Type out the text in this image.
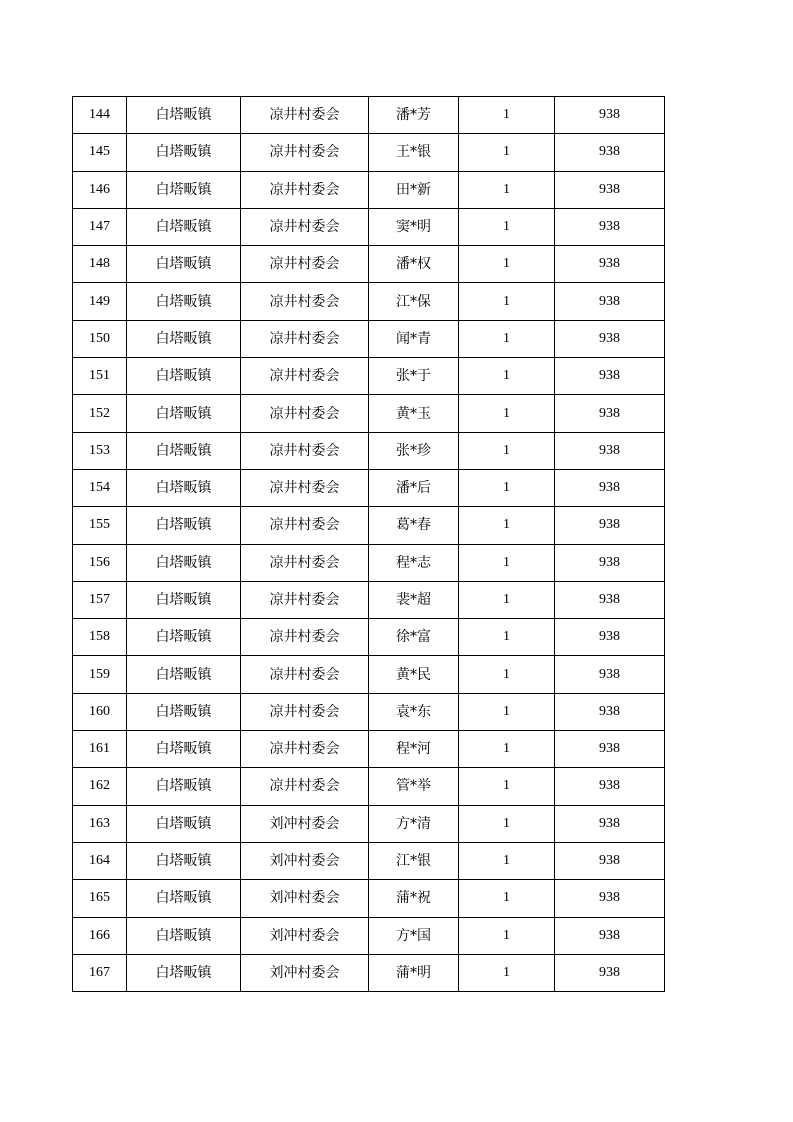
144	白塔畈镇	凉井村委会	潘*芳	1	938
145	白塔畈镇	凉井村委会	王*银	1	938
146	白塔畈镇	凉井村委会	田*新	1	938
147	白塔畈镇	凉井村委会	窦*明	1	938
148	白塔畈镇	凉井村委会	潘*权	1	938
149	白塔畈镇	凉井村委会	江*保	1	938
150	白塔畈镇	凉井村委会	闻*青	1	938
151	白塔畈镇	凉井村委会	张*于	1	938
152	白塔畈镇	凉井村委会	黄*玉	1	938
153	白塔畈镇	凉井村委会	张*珍	1	938
154	白塔畈镇	凉井村委会	潘*后	1	938
155	白塔畈镇	凉井村委会	葛*春	1	938
156	白塔畈镇	凉井村委会	程*志	1	938
157	白塔畈镇	凉井村委会	裴*超	1	938
158	白塔畈镇	凉井村委会	徐*富	1	938
159	白塔畈镇	凉井村委会	黄*民	1	938
160	白塔畈镇	凉井村委会	袁*东	1	938
161	白塔畈镇	凉井村委会	程*河	1	938
162	白塔畈镇	凉井村委会	管*举	1	938
163	白塔畈镇	刘冲村委会	方*清	1	938
164	白塔畈镇	刘冲村委会	江*银	1	938
165	白塔畈镇	刘冲村委会	蒲*祝	1	938
166	白塔畈镇	刘冲村委会	方*国	1	938
167	白塔畈镇	刘冲村委会	蒲*明	1	938
